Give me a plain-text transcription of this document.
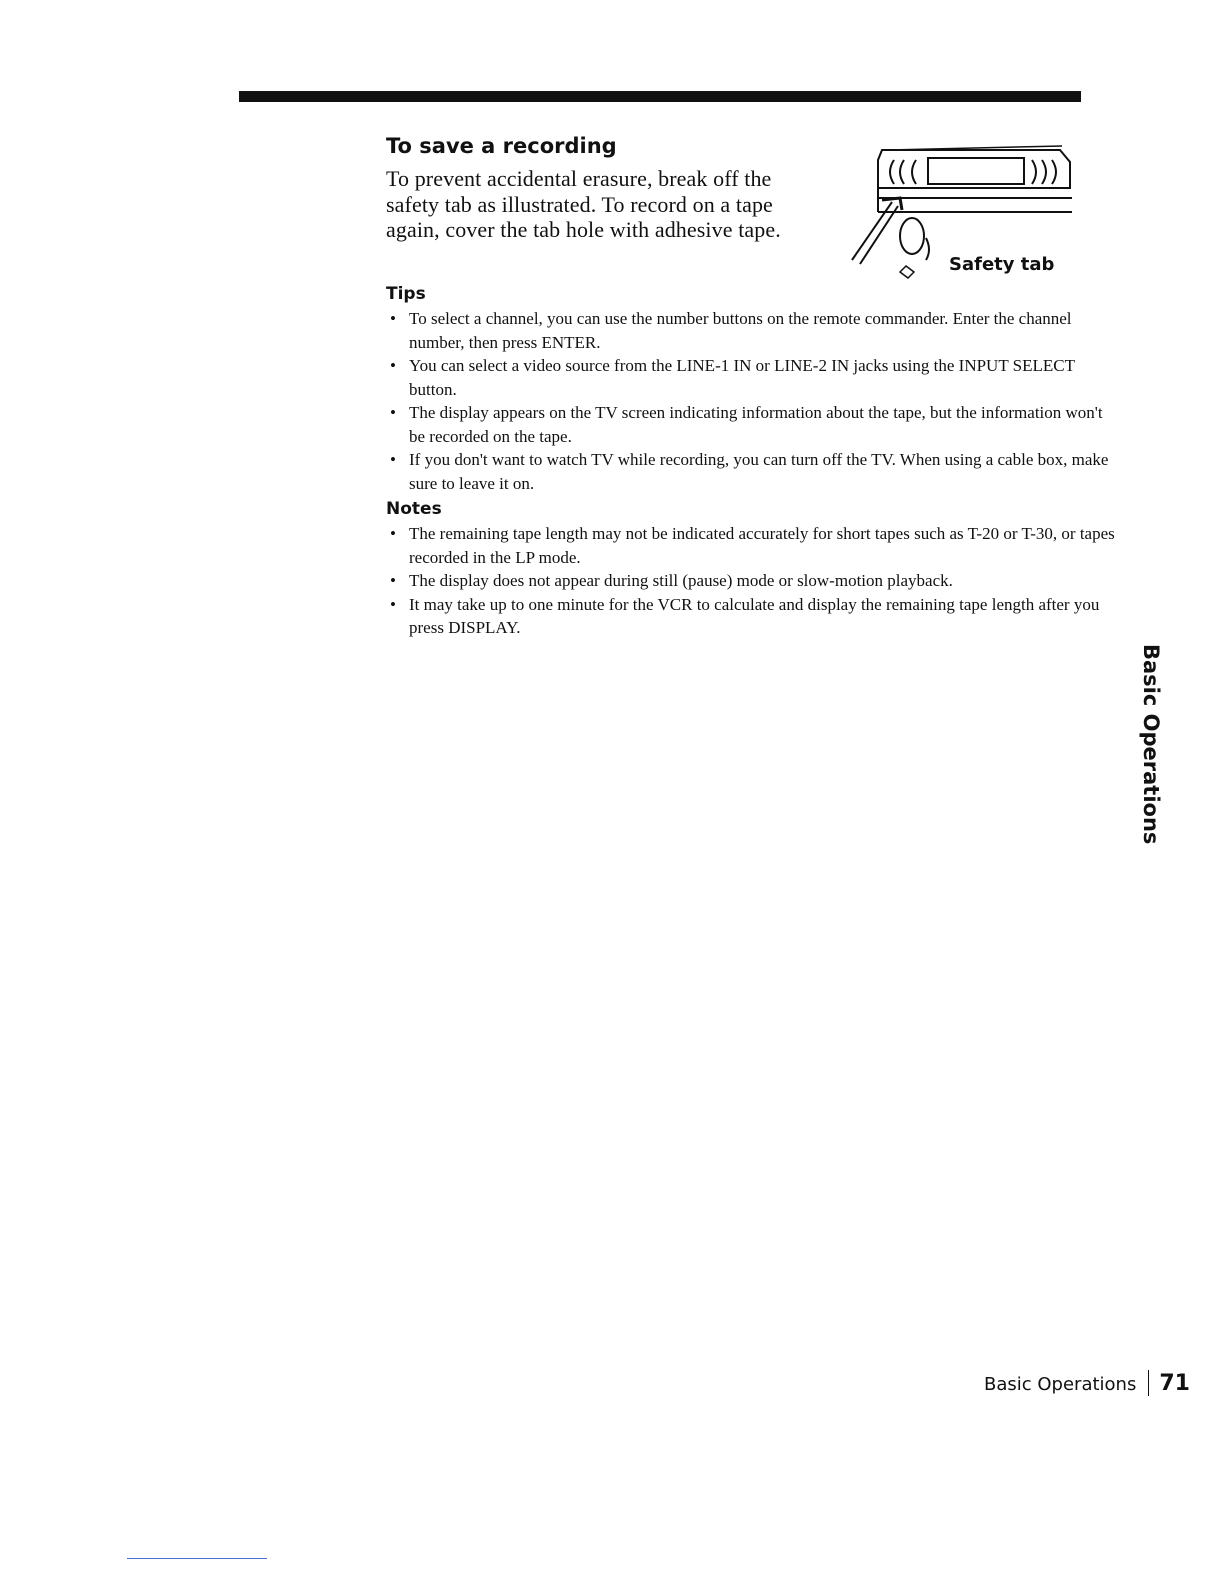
To save a recording

To prevent accidental erasure, break off the safety tab as illustrated. To record on a tape again, cover the tab hole with adhesive tape.

Safety tab
Tips
• To select a channel, you can use the number buttons on the remote commander. Enter the channel number, then press ENTER.
• You can select a video source from the LINE-1 IN or LINE-2 IN jacks using the INPUT SELECT button.
• The display appears on the TV screen indicating information about the tape, but the information won't be recorded on the tape.
• If you don't want to watch TV while recording, you can turn off the TV. When using a cable box, make sure to leave it on.
Notes
• The remaining tape length may not be indicated accurately for short tapes such as T-20 or T-30, or tapes recorded in the LP mode.
• The display does not appear during still (pause) mode or slow-motion playback.
• It may take up to one minute for the VCR to calculate and display the remaining tape length after you press DISPLAY.
Basic Operations
Basic Operations 71
